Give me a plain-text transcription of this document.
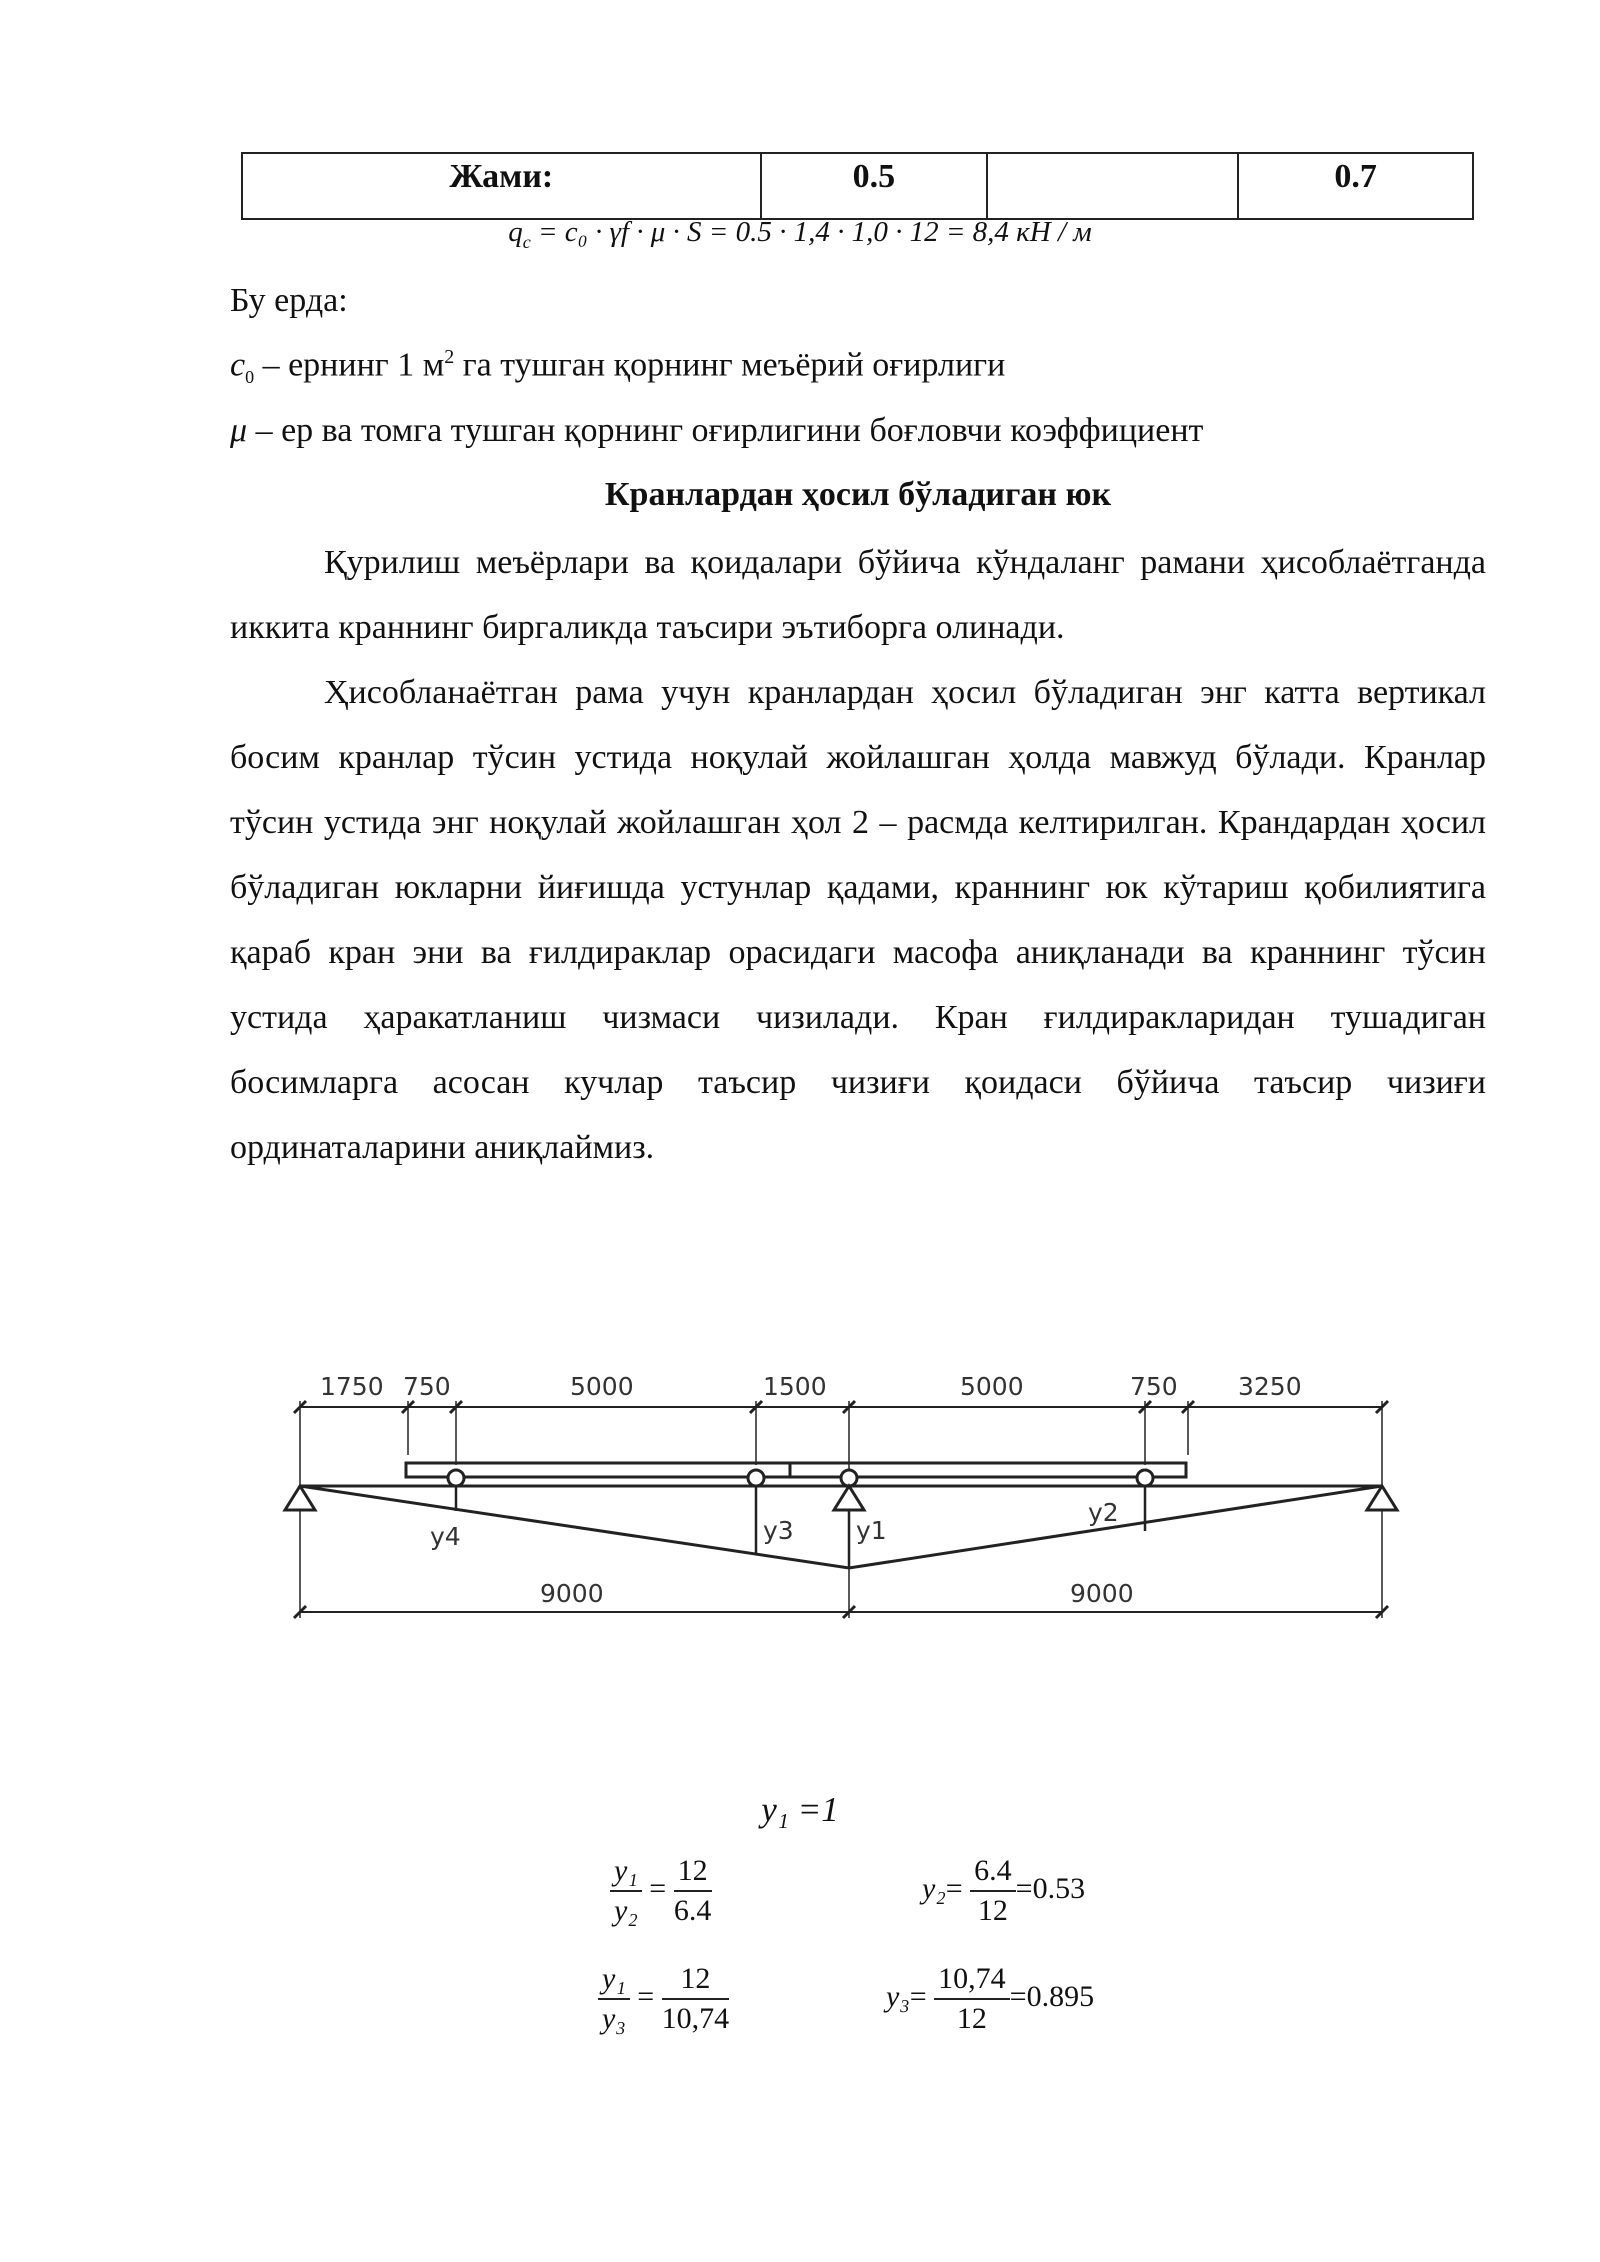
Жами:	0.5		0.7
$q_c = c_0 \cdot \gamma f \cdot \mu \cdot S = 0.5 \cdot 1,4 \cdot 1,0 \cdot 12 = 8,4$ кН / м
Бу ерда:
$c_0$ – ернинг 1 $м^2$ га тушган қорнинг меъёрий оғирлиги
μ – ер ва томга тушган қорнинг оғирлигини боғловчи коэффициент
Кранлардан ҳосил бўладиган юк

Қурилиш меъёрлари ва қоидалари бўйича кўндаланг рамани ҳисоблаётганда иккита краннинг биргаликда таъсири эътиборга олинади.

Ҳисобланаётган рама учун кранлардан ҳосил бўладиган энг катта вертикал босим кранлар тўсин устида ноқулай жойлашган ҳолда мавжуд бўлади. Кранлар тўсин устида энг ноқулай жойлашган ҳол 2 – расмда келтирилган. Крандардан ҳосил бўладиган юкларни йиғишда устунлар қадами, краннинг юк кўтариш қобилиятига қараб кран эни ва ғилдираклар орасидаги масофа аниқланади ва краннинг тўсин устида ҳаракатланиш чизмаси чизилади. Кран ғилдиракларидан тушадиган босимларга асосан кучлар таъсир чизиғи қоидаси бўйича таъсир чизиғи ординаталарини аниқлаймиз.

1750 750	5000	1500	5000	750 3250
y4	y3 y1
y2
9000	9000
y₁ =1
$\frac{\text{y₁}}{\text{y₂}} = \frac{12}{6.4}$	$y_2= \frac{6.4}{12} =0.53$
$\frac{\text{y₁}}{\text{y₃}} = \frac{12}{10,74}$	$y_3= \frac{10,74}{12} =0.895$
